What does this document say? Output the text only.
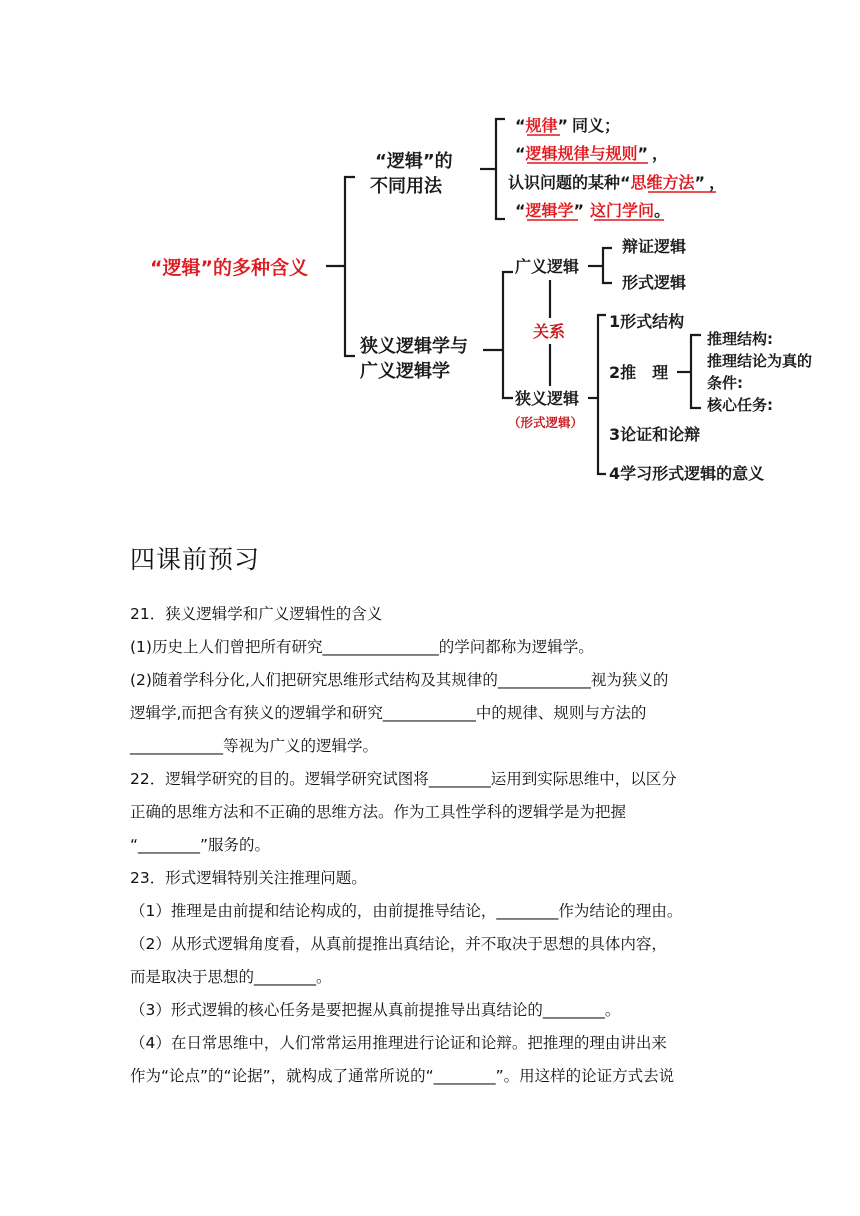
“逻辑”的多种含义
“逻辑”的
不同用法
“规律” 同义；
“逻辑规律与规则” ，
认识问题的某种“思维方法” ，
“逻辑学” 这门学问。
狭义逻辑学与
广义逻辑学
广义逻辑
辩证逻辑
形式逻辑
关系
狭义逻辑
（形式逻辑）
1形式结构
2推　理
3论证和论辩
4学习形式逻辑的意义
推理结构:
推理结论为真的
条件:
核心任务:
四课前预习
21．狭义逻辑学和广义逻辑性的含义
(1)历史上人们曾把所有研究_______________的学问都称为逻辑学。
(2)随着学科分化,人们把研究思维形式结构及其规律的____________视为狭义的
逻辑学,而把含有狭义的逻辑学和研究____________中的规律、规则与方法的
____________等视为广义的逻辑学。
22．逻辑学研究的目的。逻辑学研究试图将________运用到实际思维中，以区分
正确的思维方法和不正确的思维方法。作为工具性学科的逻辑学是为把握
“________”服务的。
23．形式逻辑特别关注推理问题。
（1）推理是由前提和结论构成的，由前提推导结论，________作为结论的理由。
（2）从形式逻辑角度看，从真前提推出真结论，并不取决于思想的具体内容，
而是取决于思想的________。
（3）形式逻辑的核心任务是要把握从真前提推导出真结论的________。
（4）在日常思维中，人们常常运用推理进行论证和论辩。把推理的理由讲出来
作为“论点”的“论据”，就构成了通常所说的“________”。用这样的论证方式去说
